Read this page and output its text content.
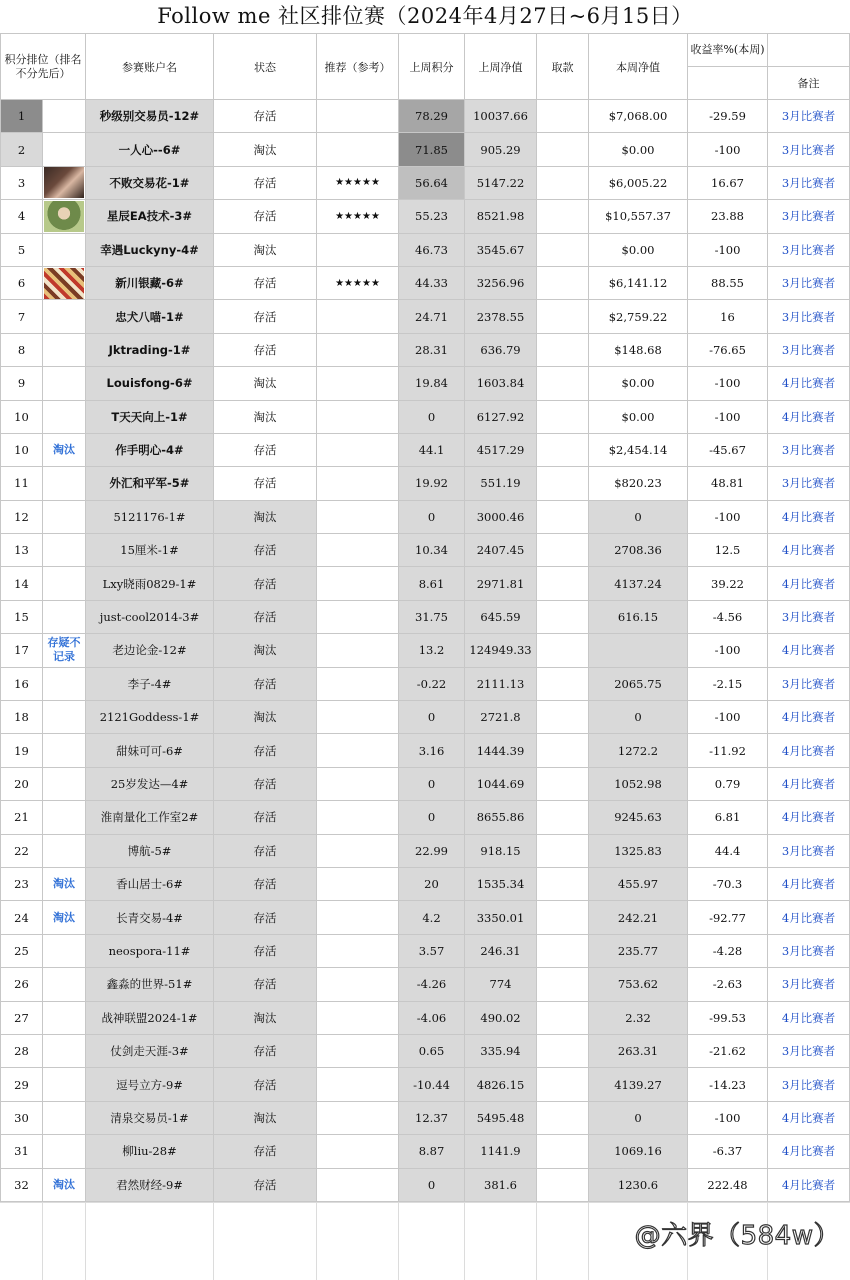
Follow me 社区排位赛（2024年4月27日~6月15日）
积分排位（排名不分先后）		参赛账户名	状态	推荐（参考）	上周积分	上周净值	取款	本周净值	收益率%(本周)	
										备注
1		秒级别交易员-12#	存活		78.29	10037.66		$7,068.00	-29.59	3月比赛者
2		一人心--6#	淘汰		71.85	905.29		$0.00	-100	3月比赛者
3		不败交易花-1#	存活	★★★★★	56.64	5147.22		$6,005.22	16.67	3月比赛者
4		星辰EA技术-3#	存活	★★★★★	55.23	8521.98		$10,557.37	23.88	3月比赛者
5		幸遇Luckyny-4#	淘汰		46.73	3545.67		$0.00	-100	3月比赛者
6		新川银藏-6#	存活	★★★★★	44.33	3256.96		$6,141.12	88.55	3月比赛者
7		忠犬八喵-1#	存活		24.71	2378.55		$2,759.22	16	3月比赛者
8		Jktrading-1#	存活		28.31	636.79		$148.68	-76.65	3月比赛者
9		Louisfong-6#	淘汰		19.84	1603.84		$0.00	-100	4月比赛者
10		T天天向上-1#	淘汰		0	6127.92		$0.00	-100	4月比赛者
10	淘汰	作手明心-4#	存活		44.1	4517.29		$2,454.14	-45.67	3月比赛者
11		外汇和平军-5#	存活		19.92	551.19		$820.23	48.81	3月比赛者
12		5121176-1#	淘汰		0	3000.46		0	-100	4月比赛者
13		15厘米-1#	存活		10.34	2407.45		2708.36	12.5	4月比赛者
14		Lxy晓雨0829-1#	存活		8.61	2971.81		4137.24	39.22	4月比赛者
15		just-cool2014-3#	存活		31.75	645.59		616.15	-4.56	3月比赛者
17	存疑不记录	老边论金-12#	淘汰		13.2	124949.33			-100	4月比赛者
16		李子-4#	存活		-0.22	2111.13		2065.75	-2.15	3月比赛者
18		2121Goddess-1#	淘汰		0	2721.8		0	-100	4月比赛者
19		甜妹可可-6#	存活		3.16	1444.39		1272.2	-11.92	4月比赛者
20		25岁发达—4#	存活		0	1044.69		1052.98	0.79	4月比赛者
21		淮南量化工作室2#	存活		0	8655.86		9245.63	6.81	4月比赛者
22		博航-5#	存活		22.99	918.15		1325.83	44.4	3月比赛者
23	淘汰	香山居士-6#	存活		20	1535.34		455.97	-70.3	4月比赛者
24	淘汰	长青交易-4#	存活		4.2	3350.01		242.21	-92.77	4月比赛者
25		neospora-11#	存活		3.57	246.31		235.77	-4.28	3月比赛者
26		鑫淼的世界-51#	存活		-4.26	774		753.62	-2.63	3月比赛者
27		战神联盟2024-1#	淘汰		-4.06	490.02		2.32	-99.53	4月比赛者
28		仗剑走天涯-3#	存活		0.65	335.94		263.31	-21.62	3月比赛者
29		逗号立方-9#	存活		-10.44	4826.15		4139.27	-14.23	3月比赛者
30		清泉交易员-1#	淘汰		12.37	5495.48		0	-100	4月比赛者
31		柳liu-28#	存活		8.87	1141.9		1069.16	-6.37	4月比赛者
32	淘汰	君然财经-9#	存活		0	381.6		1230.6	222.48	4月比赛者
@六界（584w）
